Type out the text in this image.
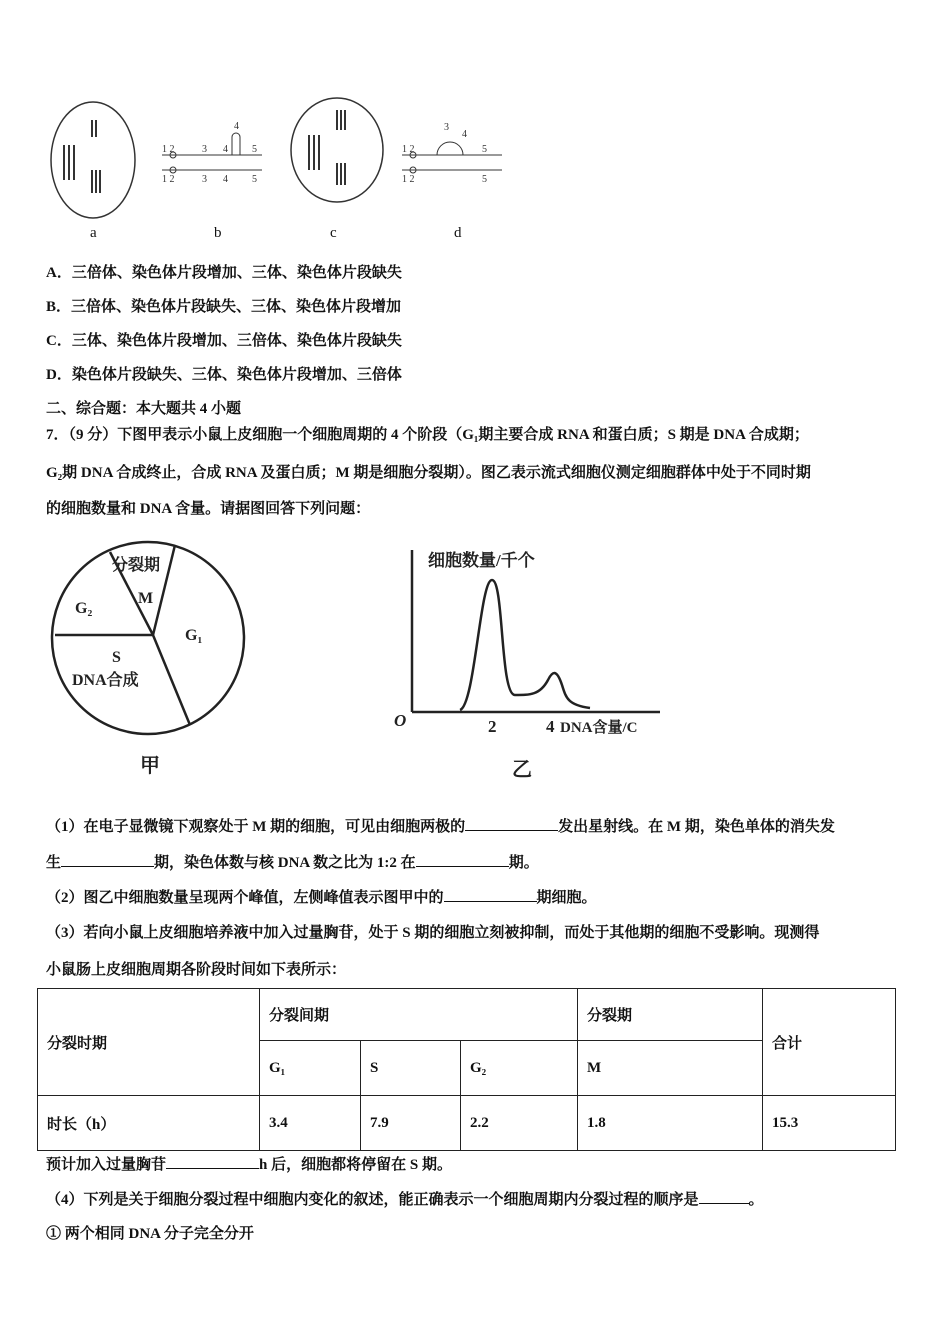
1 2	3 4
4
5
1 2	3 4 5
1 2
3
4
5
1 2	5
a	b	c	d
A．三倍体、染色体片段增加、三体、染色体片段缺失
B．三倍体、染色体片段缺失、三体、染色体片段增加
C．三体、染色体片段增加、三倍体、染色体片段缺失
D．染色体片段缺失、三体、染色体片段增加、三倍体
二、综合题：本大题共 4 小题
7．（9 分）下图甲表示小鼠上皮细胞一个细胞周期的 4 个阶段（G₁期主要合成 RNA 和蛋白质；S 期是 DNA 合成期；
G₂期 DNA 合成终止，合成 RNA 及蛋白质；M 期是细胞分裂期）。图乙表示流式细胞仪测定细胞群体中处于不同时期
的细胞数量和 DNA 含量。请据图回答下列问题：
分裂期
M
G₂
G₁
S
DNA合成
甲
细胞数量/千个
O	2	4 DNA含量/C
乙
（1）在电子显微镜下观察处于 M 期的细胞，可见由细胞两极的	发出星射线。在 M 期，染色单体的消失发
生	期，染色体数与核 DNA 数之比为 1:2 在	期。
（2）图乙中细胞数量呈现两个峰值，左侧峰值表示图甲中的	期细胞。
（3）若向小鼠上皮细胞培养液中加入过量胸苷，处于 S 期的细胞立刻被抑制，而处于其他期的细胞不受影响。现测得
小鼠肠上皮细胞周期各阶段时间如下表所示：
分裂时期	分裂间期			分裂期	合计
	G₁	S	G₂	M	
时长（h）	3.4	7.9	2.2	1.8	15.3
预计加入过量胸苷	h 后，细胞都将停留在 S 期。
（4）下列是关于细胞分裂过程中细胞内变化的叙述，能正确表示一个细胞周期内分裂过程的顺序是	。
① 两个相同 DNA 分子完全分开
